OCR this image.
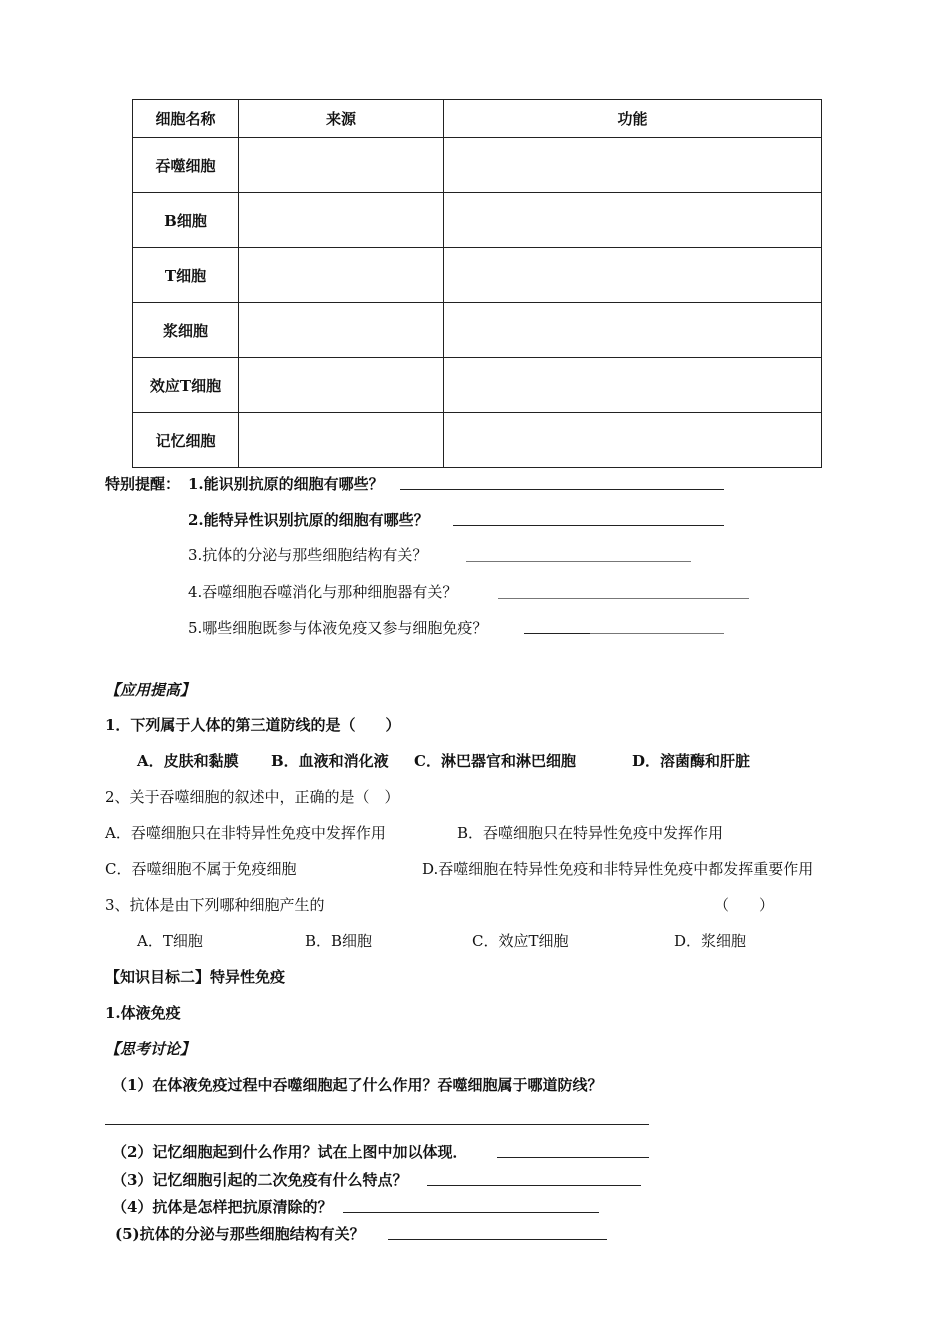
细胞名称	来源	功能
吞噬细胞		
B细胞		
T细胞		
浆细胞		
效应T细胞		
记忆细胞		
特别提醒： 1.能识别抗原的细胞有哪些？
2.能特异性识别抗原的细胞有哪些？
3.抗体的分泌与那些细胞结构有关？
4.吞噬细胞吞噬消化与那种细胞器有关？
5.哪些细胞既参与体液免疫又参与细胞免疫？
【应用提高】
1．下列属于人体的第三道防线的是（　　）
A．皮肤和黏膜 B．血液和消化液 C．淋巴器官和淋巴细胞	D．溶菌酶和肝脏
2、关于吞噬细胞的叙述中，正确的是（　）
A．吞噬细胞只在非特异性免疫中发挥作用	B．吞噬细胞只在特异性免疫中发挥作用
C．吞噬细胞不属于免疫细胞	D.吞噬细胞在特异性免疫和非特异性免疫中都发挥重要作用
3、抗体是由下列哪种细胞产生的	（　　）
A．T细胞	B．B细胞	C．效应T细胞	D．浆细胞
【知识目标二】特异性免疫
1.体液免疫
【思考讨论】
（1）在体液免疫过程中吞噬细胞起了什么作用？吞噬细胞属于哪道防线？
（2）记忆细胞起到什么作用？试在上图中加以体现．
（3）记忆细胞引起的二次免疫有什么特点？
（4）抗体是怎样把抗原清除的？
(5)抗体的分泌与那些细胞结构有关？
